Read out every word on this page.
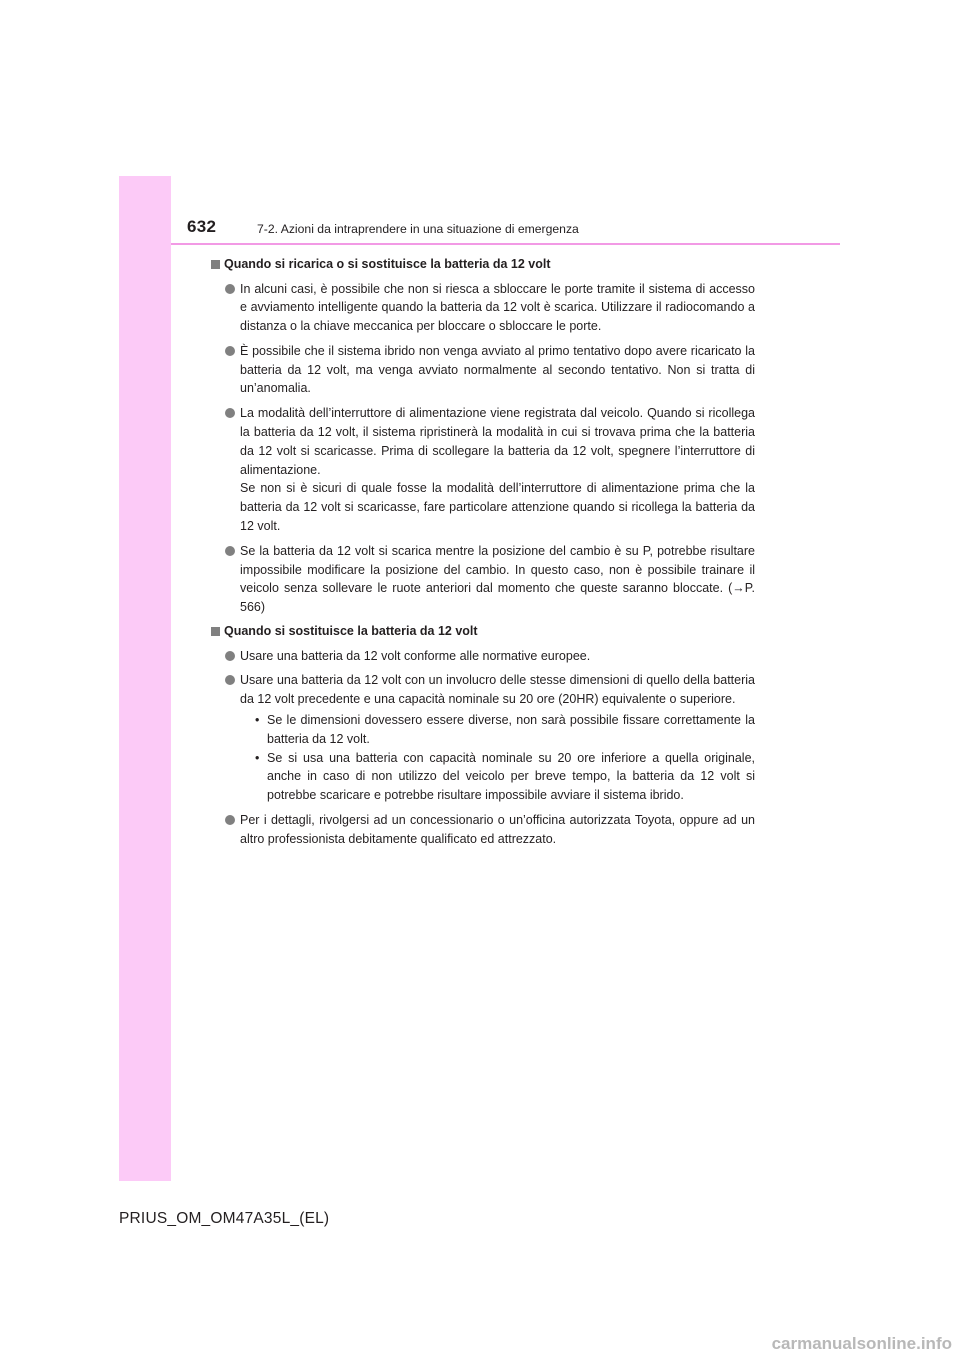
632	7-2. Azioni da intraprendere in una situazione di emergenza
Quando si ricarica o si sostituisce la batteria da 12 volt

In alcuni casi, è possibile che non si riesca a sbloccare le porte tramite il sistema di accesso e avviamento intelligente quando la batteria da 12 volt è scarica. Utilizzare il radiocomando a distanza o la chiave meccanica per bloccare o sbloccare le porte.

È possibile che il sistema ibrido non venga avviato al primo tentativo dopo avere ricaricato la batteria da 12 volt, ma venga avviato normalmente al secondo tentativo. Non si tratta di un’anomalia.

La modalità dell’interruttore di alimentazione viene registrata dal veicolo. Quando si ricollega la batteria da 12 volt, il sistema ripristinerà la modalità in cui si trovava prima che la batteria da 12 volt si scaricasse. Prima di scollegare la batteria da 12 volt, spegnere l’interruttore di alimentazione.

Se non si è sicuri di quale fosse la modalità dell’interruttore di alimentazione prima che la batteria da 12 volt si scaricasse, fare particolare attenzione quando si ricollega la batteria da 12 volt.

Se la batteria da 12 volt si scarica mentre la posizione del cambio è su P, potrebbe risultare impossibile modificare la posizione del cambio. In questo caso, non è possibile trainare il veicolo senza sollevare le ruote anteriori dal momento che queste saranno bloccate. (→P. 566)

Quando si sostituisce la batteria da 12 volt

Usare una batteria da 12 volt conforme alle normative europee.

Usare una batteria da 12 volt con un involucro delle stesse dimensioni di quello della batteria da 12 volt precedente e una capacità nominale su 20 ore (20HR) equivalente o superiore.

• Se le dimensioni dovessero essere diverse, non sarà possibile fissare correttamente la batteria da 12 volt.
• Se si usa una batteria con capacità nominale su 20 ore inferiore a quella originale, anche in caso di non utilizzo del veicolo per breve tempo, la batteria da 12 volt si potrebbe scaricare e potrebbe risultare impossibile avviare il sistema ibrido.

Per i dettagli, rivolgersi ad un concessionario o un’officina autorizzata Toyota, oppure ad un altro professionista debitamente qualificato ed attrezzato.

PRIUS_OM_OM47A35L_(EL)
carmanualsonline.info
